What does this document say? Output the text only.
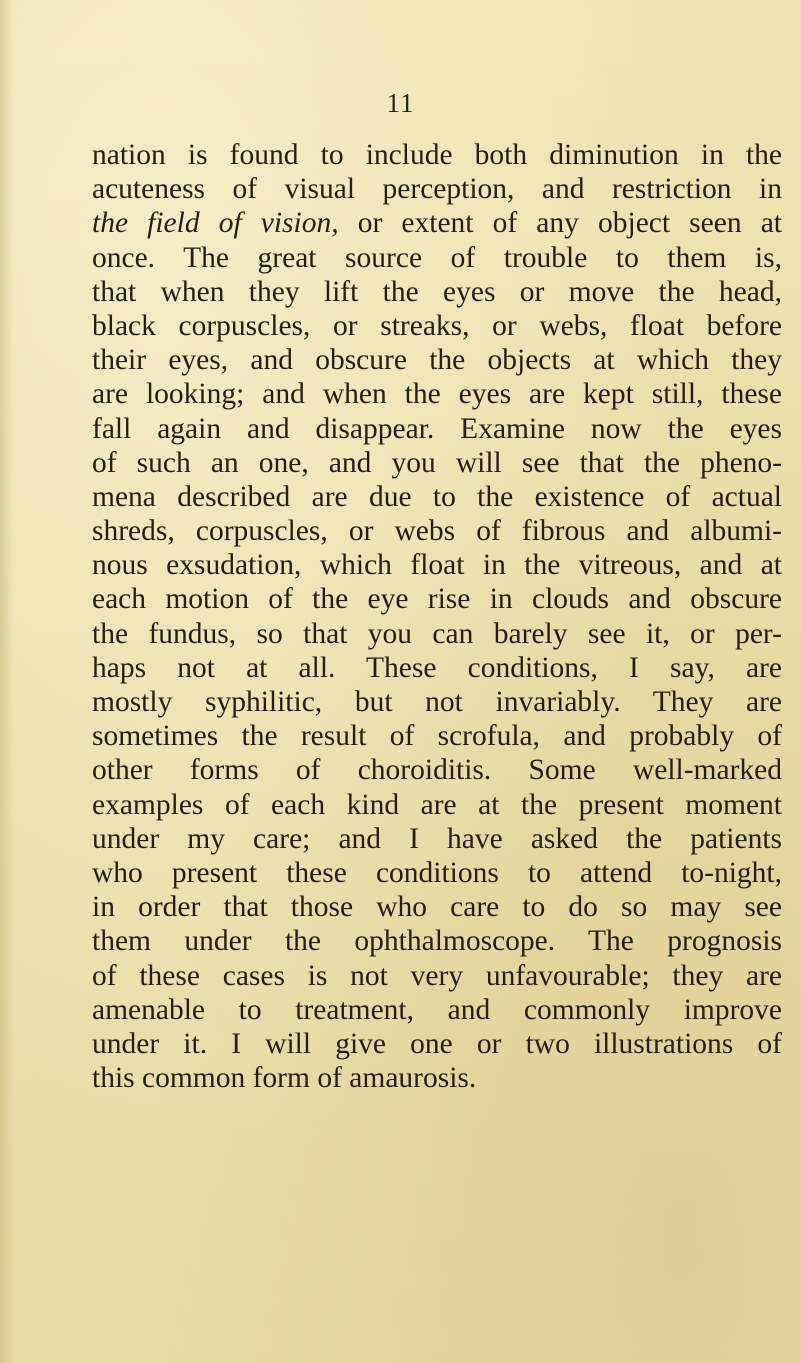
11
nation is found to include both diminution in the
acuteness of visual perception, and restriction in
the field of vision, or extent of any object seen at
once. The great source of trouble to them is,
that when they lift the eyes or move the head,
black corpuscles, or streaks, or webs, float before
their eyes, and obscure the objects at which they
are looking; and when the eyes are kept still, these
fall again and disappear. Examine now the eyes
of such an one, and you will see that the pheno-
mena described are due to the existence of actual
shreds, corpuscles, or webs of fibrous and albumi-
nous exsudation, which float in the vitreous, and at
each motion of the eye rise in clouds and obscure
the fundus, so that you can barely see it, or per-
haps not at all. These conditions, I say, are
mostly syphilitic, but not invariably. They are
sometimes the result of scrofula, and probably of
other forms of choroiditis. Some well-marked
examples of each kind are at the present moment
under my care; and I have asked the patients
who present these conditions to attend to-night,
in order that those who care to do so may see
them under the ophthalmoscope. The prognosis
of these cases is not very unfavourable; they are
amenable to treatment, and commonly improve
under it. I will give one or two illustrations of
this common form of amaurosis.
